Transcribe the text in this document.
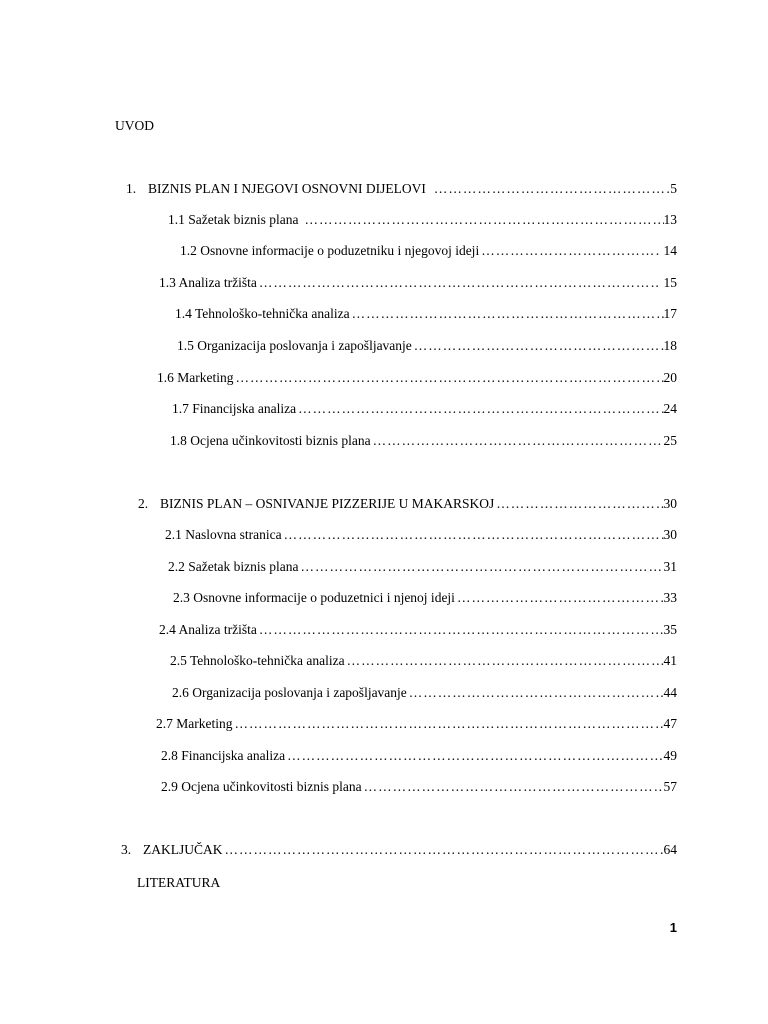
UVOD
1. BIZNIS PLAN I NJEGOVI OSNOVNI DIJELOVI ……………………………………………………………………………………………………………………………………………………………………………………………………………………	5
1.1 Sažetak biznis plana ……………………………………………………………………………………………………………………………………………………………………………………………………………………	13
1.2 Osnovne informacije o poduzetniku i njegovoj ideji ……………………………………………………………………………………………………………………………………………………………………………………………………………………	14
1.3 Analiza tržišta ……………………………………………………………………………………………………………………………………………………………………………………………………………………	15
1.4 Tehnološko-tehnička analiza ……………………………………………………………………………………………………………………………………………………………………………………………………………………	17
1.5 Organizacija poslovanja i zapošljavanje ……………………………………………………………………………………………………………………………………………………………………………………………………………………	18
1.6 Marketing ……………………………………………………………………………………………………………………………………………………………………………………………………………………	20
1.7 Financijska analiza ……………………………………………………………………………………………………………………………………………………………………………………………………………………	24
1.8 Ocjena učinkovitosti biznis plana ……………………………………………………………………………………………………………………………………………………………………………………………………………………	25
2. BIZNIS PLAN – OSNIVANJE PIZZERIJE U MAKARSKOJ ……………………………………………………………………………………………………………………………………………………………………………………………………………………	30
2.1 Naslovna stranica ……………………………………………………………………………………………………………………………………………………………………………………………………………………	30
2.2 Sažetak biznis plana ……………………………………………………………………………………………………………………………………………………………………………………………………………………	31
2.3 Osnovne informacije o poduzetnici i njenoj ideji ……………………………………………………………………………………………………………………………………………………………………………………………………………………	33
2.4 Analiza tržišta ……………………………………………………………………………………………………………………………………………………………………………………………………………………	35
2.5 Tehnološko-tehnička analiza ……………………………………………………………………………………………………………………………………………………………………………………………………………………	41
2.6 Organizacija poslovanja i zapošljavanje ……………………………………………………………………………………………………………………………………………………………………………………………………………………	44
2.7 Marketing ……………………………………………………………………………………………………………………………………………………………………………………………………………………	47
2.8 Financijska analiza ……………………………………………………………………………………………………………………………………………………………………………………………………………………	49
2.9 Ocjena učinkovitosti biznis plana ……………………………………………………………………………………………………………………………………………………………………………………………………………………	57
3. ZAKLJUČAK ……………………………………………………………………………………………………………………………………………………………………………………………………………………	64
LITERATURA
1
